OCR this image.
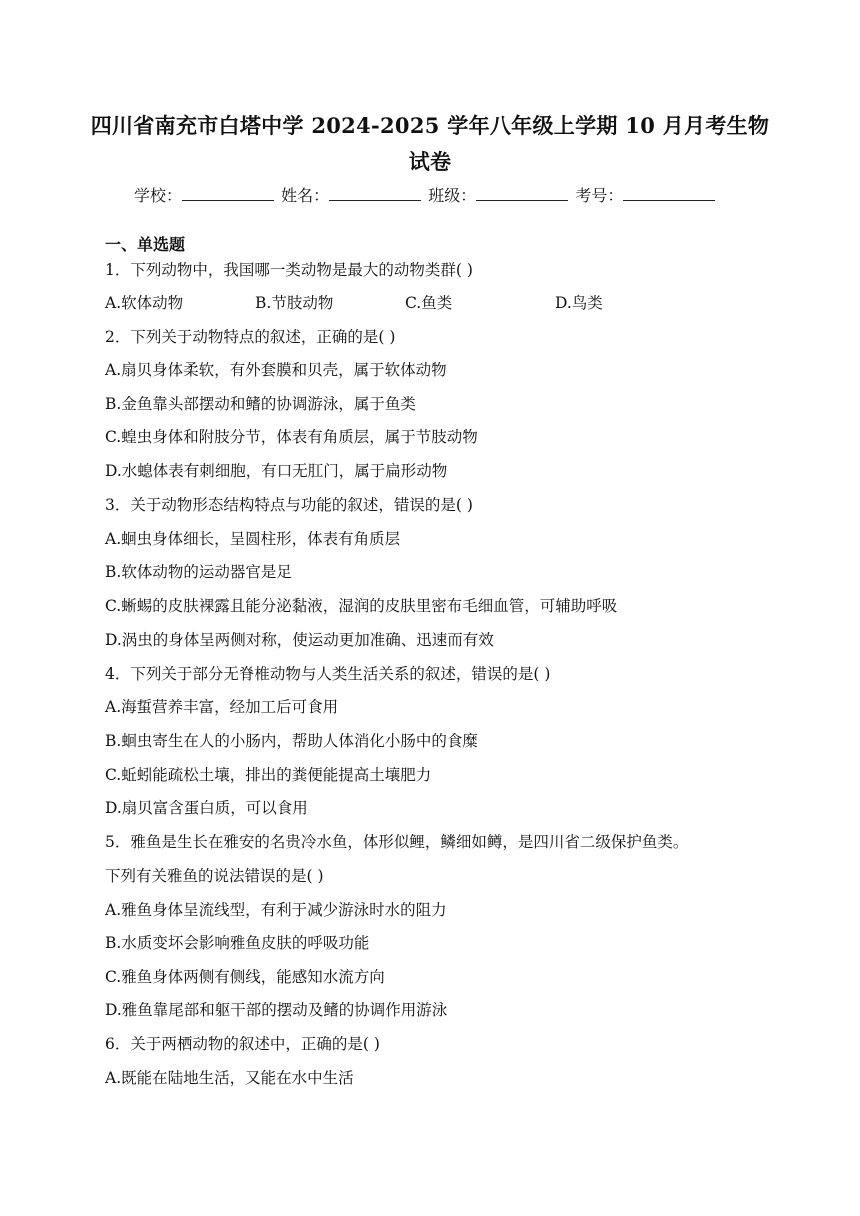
四川省南充市白塔中学 2024-2025 学年八年级上学期 10 月月考生物
试卷
学校：	姓名：	班级：	考号：
一、单选题
1．下列动物中，我国哪一类动物是最大的动物类群( )
A.软体动物	B.节肢动物	C.鱼类	D.鸟类
2．下列关于动物特点的叙述，正确的是( )
A.扇贝身体柔软，有外套膜和贝壳，属于软体动物
B.金鱼靠头部摆动和鳍的协调游泳，属于鱼类
C.蝗虫身体和附肢分节，体表有角质层，属于节肢动物
D.水螅体表有刺细胞，有口无肛门，属于扁形动物
3．关于动物形态结构特点与功能的叙述，错误的是( )
A.蛔虫身体细长，呈圆柱形，体表有角质层
B.软体动物的运动器官是足
C.蜥蜴的皮肤裸露且能分泌黏液，湿润的皮肤里密布毛细血管，可辅助呼吸
D.涡虫的身体呈两侧对称，使运动更加准确、迅速而有效
4．下列关于部分无脊椎动物与人类生活关系的叙述，错误的是( )
A.海蜇营养丰富，经加工后可食用
B.蛔虫寄生在人的小肠内，帮助人体消化小肠中的食糜
C.蚯蚓能疏松土壤，排出的粪便能提高土壤肥力
D.扇贝富含蛋白质，可以食用
5．雅鱼是生长在雅安的名贵冷水鱼，体形似鲤，鳞细如鳟，是四川省二级保护鱼类。
下列有关雅鱼的说法错误的是( )
A.雅鱼身体呈流线型，有利于减少游泳时水的阻力
B.水质变坏会影响雅鱼皮肤的呼吸功能
C.雅鱼身体两侧有侧线，能感知水流方向
D.雅鱼靠尾部和躯干部的摆动及鳍的协调作用游泳
6．关于两栖动物的叙述中，正确的是( )
A.既能在陆地生活，又能在水中生活
